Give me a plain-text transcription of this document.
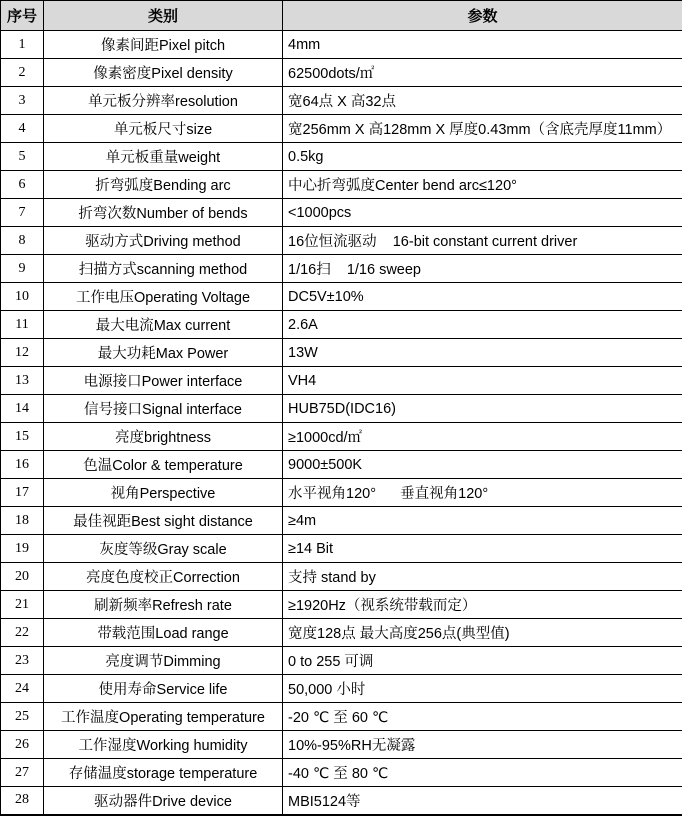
序号	类别	参数
1	像素间距Pixel pitch	4mm
2	像素密度Pixel density	62500dots/㎡
3	单元板分辨率resolution	宽64点 X 高32点
4	单元板尺寸size	宽256mm X 高128mm X 厚度0.43mm（含底壳厚度11mm）
5	单元板重量weight	0.5kg
6	折弯弧度Bending arc	中心折弯弧度Center bend arc≤120°
7	折弯次数Number of bends	<1000pcs
8	驱动方式Driving method	16位恒流驱动    16-bit constant current driver
9	扫描方式scanning method	1/16扫    1/16 sweep
10	工作电压Operating Voltage	DC5V±10%
11	最大电流Max current	2.6A
12	最大功耗Max Power	13W
13	电源接口Power interface	VH4
14	信号接口Signal interface	HUB75D(IDC16)
15	亮度brightness	≥1000cd/㎡
16	色温Color & temperature	9000±500K
17	视角Perspective	水平视角120°      垂直视角120°
18	最佳视距Best sight distance	≥4m
19	灰度等级Gray scale	≥14 Bit
20	亮度色度校正Correction	支持 stand by
21	刷新频率Refresh rate	≥1920Hz（视系统带载而定）
22	带载范围Load range	宽度128点 最大高度256点(典型值)
23	亮度调节Dimming	0 to 255 可调
24	使用寿命Service life	50,000 小时
25	工作温度Operating temperature	-20 ℃ 至 60 ℃
26	工作湿度Working humidity	10%-95%RH无凝露
27	存储温度storage temperature	-40 ℃ 至 80 ℃
28	驱动器件Drive device	MBI5124等
